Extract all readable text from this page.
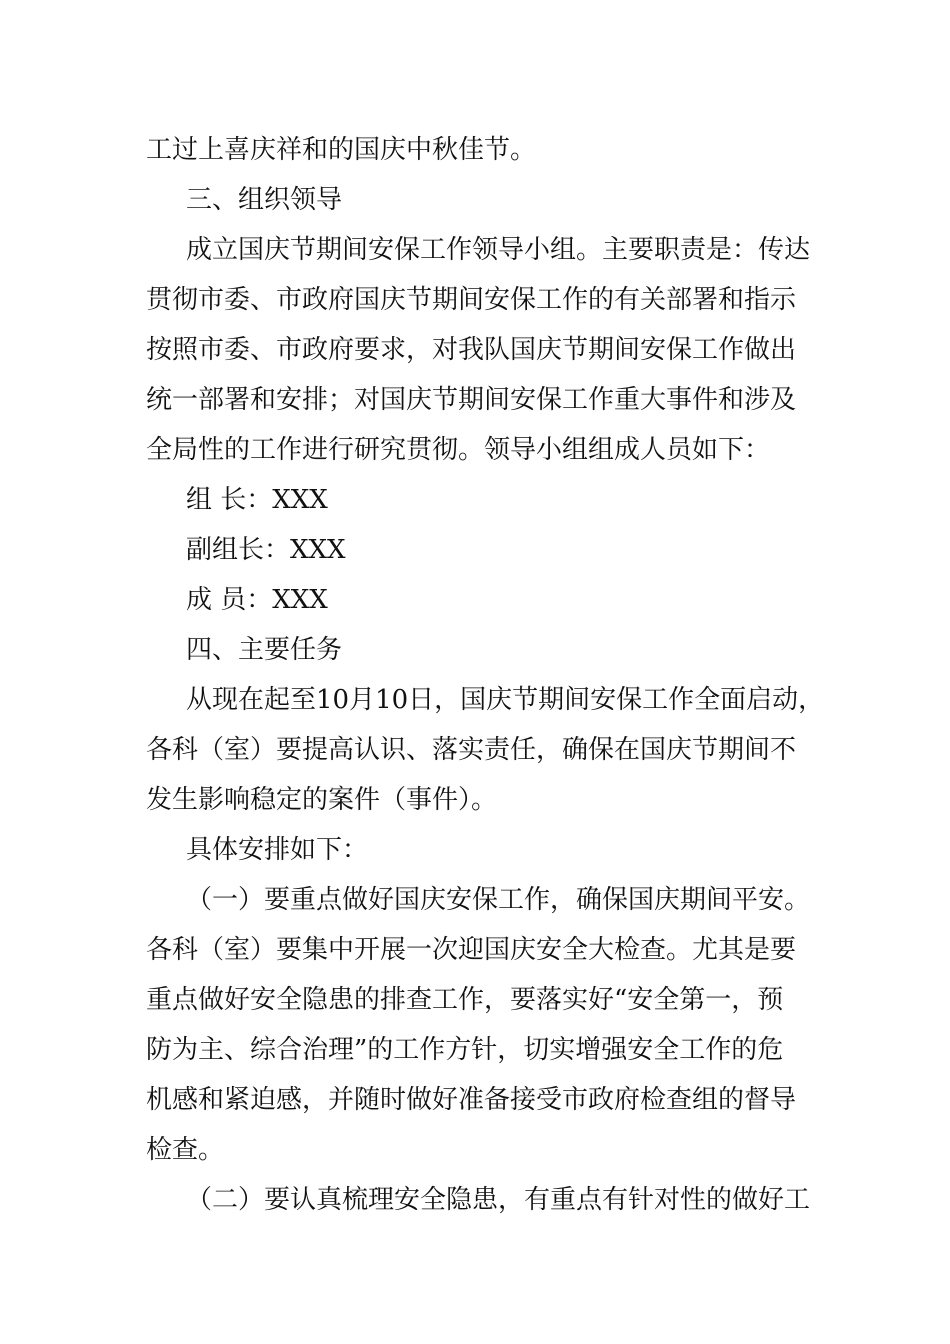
工过上喜庆祥和的国庆中秋佳节。
三、组织领导
成立国庆节期间安保工作领导小组。主要职责是：传达
贯彻市委、市政府国庆节期间安保工作的有关部署和指示
按照市委、市政府要求，对我队国庆节期间安保工作做出
统一部署和安排；对国庆节期间安保工作重大事件和涉及
全局性的工作进行研究贯彻。领导小组组成人员如下：
组 长：XXX
副组长：XXX
成 员：XXX
四、主要任务
从现在起至10月10日，国庆节期间安保工作全面启动，
各科（室）要提高认识、落实责任，确保在国庆节期间不
发生影响稳定的案件（事件）。
具体安排如下：
（一）要重点做好国庆安保工作，确保国庆期间平安。
各科（室）要集中开展一次迎国庆安全大检查。尤其是要
重点做好安全隐患的排查工作，要落实好“安全第一，预
防为主、综合治理”的工作方针，切实增强安全工作的危
机感和紧迫感，并随时做好准备接受市政府检查组的督导
检查。
（二）要认真梳理安全隐患，有重点有针对性的做好工
